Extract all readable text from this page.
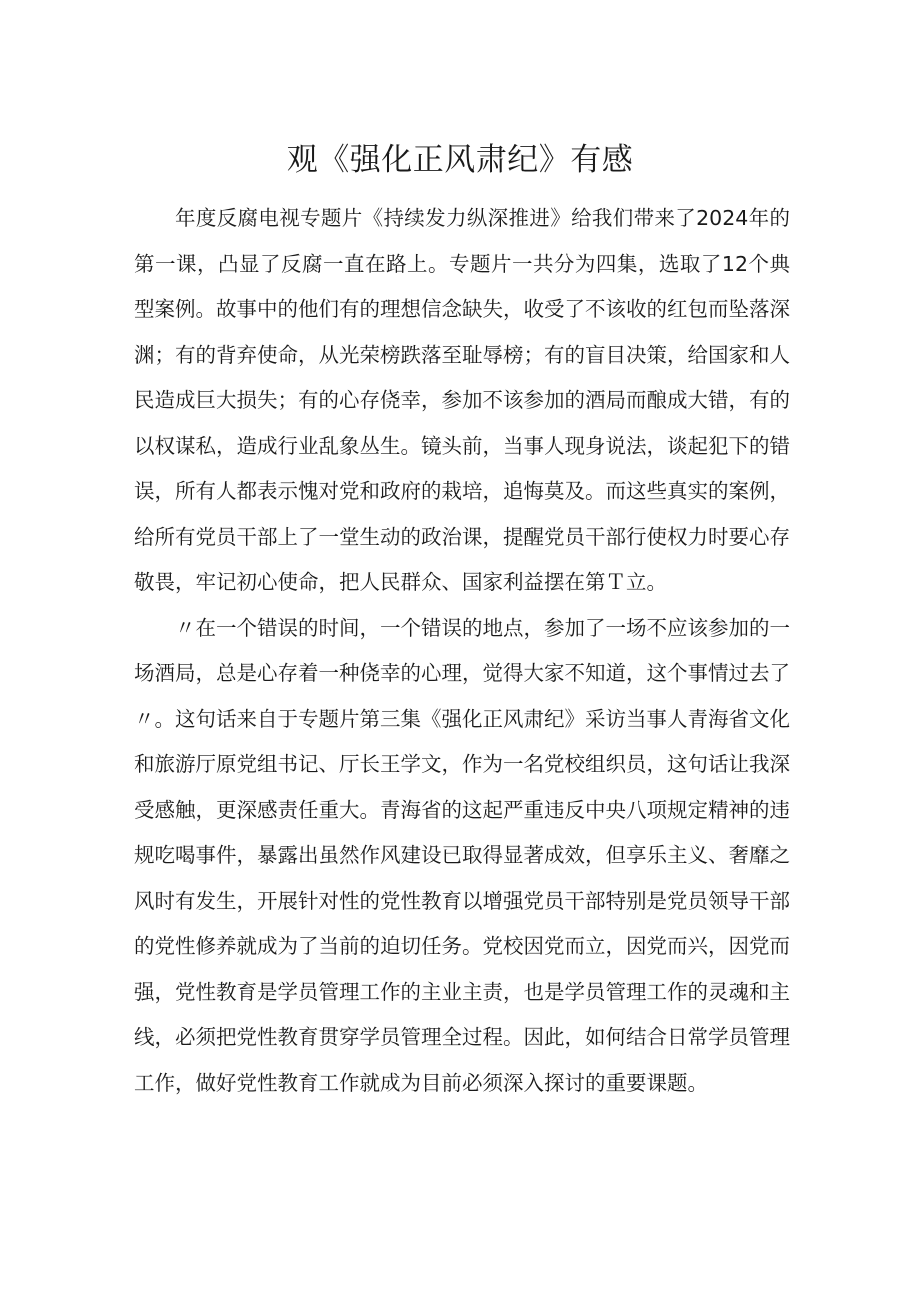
观《强化正风肃纪》有感

年度反腐电视专题片《持续发力纵深推进》给我们带来了2024年的第一课，凸显了反腐一直在路上。专题片一共分为四集，选取了12个典型案例。故事中的他们有的理想信念缺失，收受了不该收的红包而坠落深渊；有的背弃使命，从光荣榜跌落至耻辱榜；有的盲目决策，给国家和人民造成巨大损失；有的心存侥幸，参加不该参加的酒局而酿成大错，有的以权谋私，造成行业乱象丛生。镜头前，当事人现身说法，谈起犯下的错误，所有人都表示愧对党和政府的栽培，追悔莫及。而这些真实的案例，给所有党员干部上了一堂生动的政治课，提醒党员干部行使权力时要心存敬畏，牢记初心使命，把人民群众、国家利益摆在第Ｔ立。

〃在一个错误的时间，一个错误的地点，参加了一场不应该参加的一场酒局，总是心存着一种侥幸的心理，觉得大家不知道，这个事情过去了〃。这句话来自于专题片第三集《强化正风肃纪》采访当事人青海省文化和旅游厅原党组书记、厅长王学文，作为一名党校组织员，这句话让我深受感触，更深感责任重大。青海省的这起严重违反中央八项规定精神的违规吃喝事件，暴露出虽然作风建设已取得显著成效，但享乐主义、奢靡之风时有发生，开展针对性的党性教育以增强党员干部特别是党员领导干部的党性修养就成为了当前的迫切任务。党校因党而立，因党而兴，因党而强，党性教育是学员管理工作的主业主责，也是学员管理工作的灵魂和主线，必须把党性教育贯穿学员管理全过程。因此，如何结合日常学员管理工作，做好党性教育工作就成为目前必须深入探讨的重要课题。
